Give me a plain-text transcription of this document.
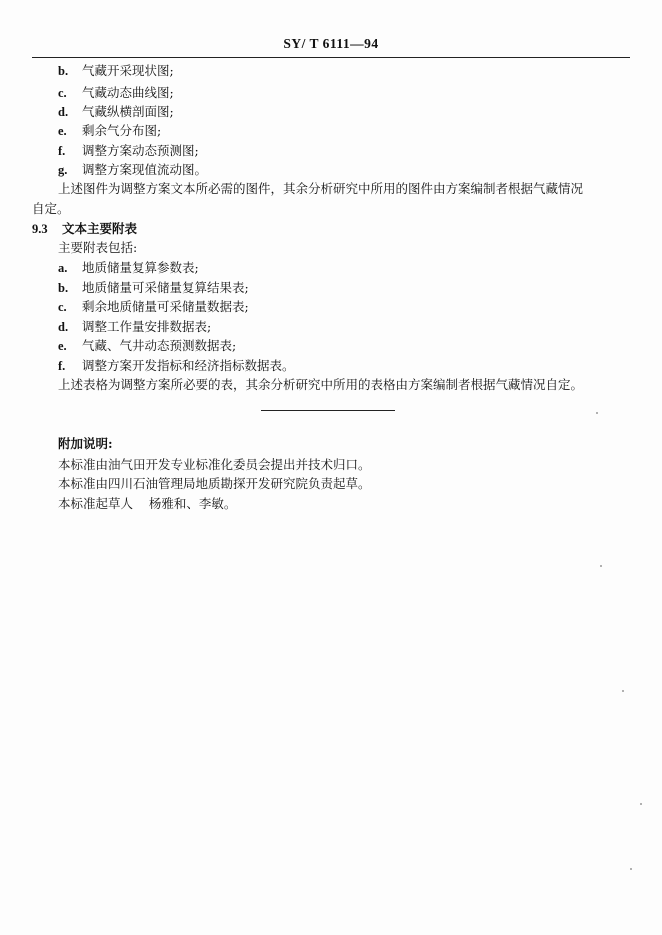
SY/ T 6111—94
b. 气藏开采现状图;
c. 气藏动态曲线图;
d. 气藏纵横剖面图;
e. 剩余气分布图;
f. 调整方案动态预测图;
g. 调整方案现值流动图。
上述图件为调整方案文本所必需的图件，其余分析研究中所用的图件由方案编制者根据气藏情况
自定。
9.3 文本主要附表
主要附表包括:
a. 地质储量复算参数表;
b. 地质储量可采储量复算结果表;
c. 剩余地质储量可采储量数据表;
d. 调整工作量安排数据表;
e. 气藏、气井动态预测数据表;
f. 调整方案开发指标和经济指标数据表。
上述表格为调整方案所必要的表，其余分析研究中所用的表格由方案编制者根据气藏情况自定。
附加说明:
本标准由油气田开发专业标准化委员会提出并技术归口。
本标准由四川石油管理局地质勘探开发研究院负责起草。
本标准起草人    杨雅和、李敏。
